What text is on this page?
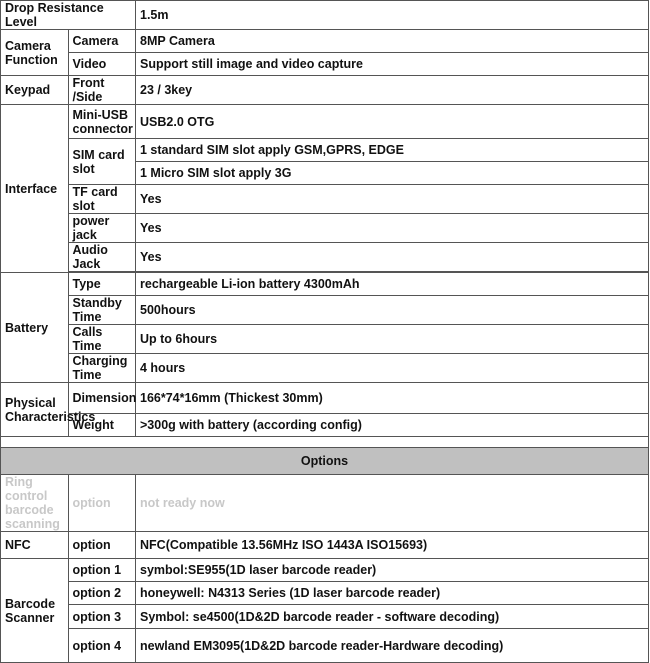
Drop Resistance Level		1.5m
Camera Function	Camera	8MP Camera
	Video	Support still image and video capture
Keypad	Front /Side	23 / 3key
Interface	Mini-USB connector	USB2.0 OTG
	SIM card slot	1 standard SIM slot apply GSM,GPRS, EDGE
		1 Micro SIM slot apply 3G
	TF card slot	Yes
	power jack	Yes
	Audio Jack	Yes

Battery	Type	rechargeable Li-ion battery 4300mAh
	Standby Time	500hours
	Calls Time	Up to 6hours
	Charging Time	4 hours
Physical Characteristics	Dimension	166*74*16mm (Thickest 30mm)
	Weight	>300g with battery (according config)

Options		
Ring control barcode scanning	option	not ready now
NFC	option	NFC(Compatible 13.56MHz ISO 1443A ISO15693)
Barcode Scanner	option 1	symbol:SE955(1D laser barcode reader)
	option 2	honeywell: N4313 Series (1D laser barcode reader)
	option 3	Symbol: se4500(1D&2D barcode reader - software decoding)
	option 4	newland EM3095(1D&2D barcode reader-Hardware decoding)
